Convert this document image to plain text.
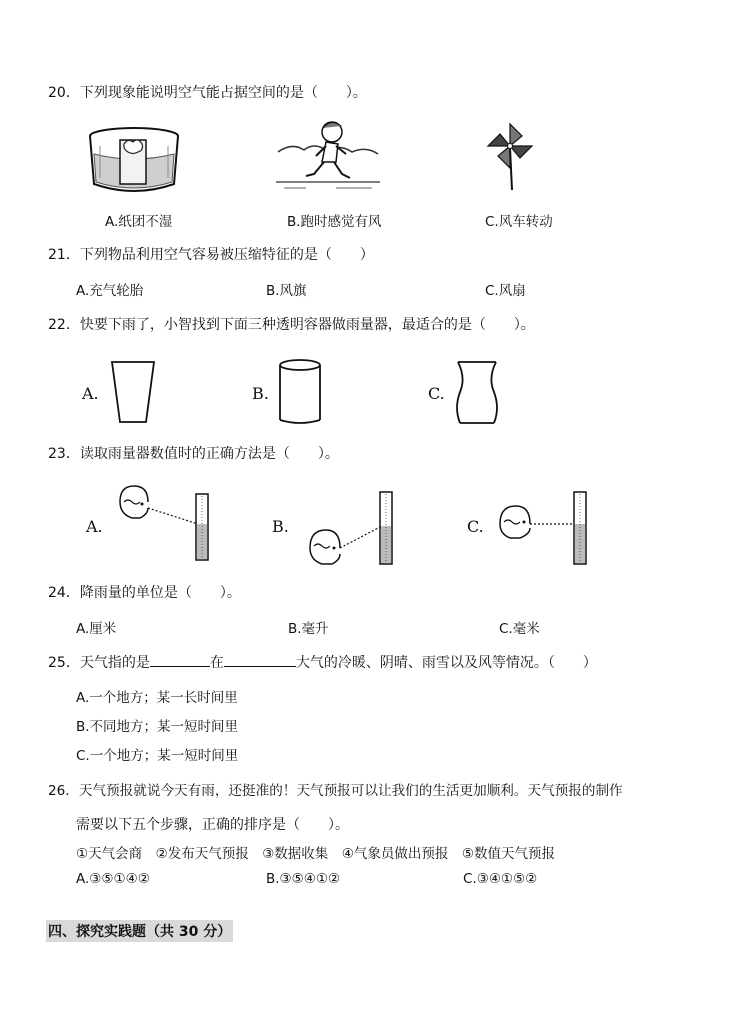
20．下列现象能说明空气能占据空间的是（　　）。
A.纸团不湿	B.跑时感觉有风	C.风车转动
21．下列物品利用空气容易被压缩特征的是（　　）
A.充气轮胎	B.风旗	C.风扇
22．快要下雨了，小智找到下面三种透明容器做雨量器，最适合的是（　　）。
A.	B.	C.
23．读取雨量器数值时的正确方法是（　　）。
A.	B.	C.
24．降雨量的单位是（　　）。
A.厘米	B.毫升	C.毫米
25．天气指的是	在	大气的冷暖、阴晴、雨雪以及风等情况。（　　）
A.一个地方；某一长时间里
B.不同地方；某一短时间里
C.一个地方；某一短时间里
26．天气预报就说今天有雨，还挺准的！天气预报可以让我们的生活更加顺利。天气预报的制作
需要以下五个步骤，正确的排序是（　　）。
①天气会商　②发布天气预报　③数据收集　④气象员做出预报　⑤数值天气预报
A.③⑤①④②	B.③⑤④①②	C.③④①⑤②
四、探究实践题（共 30 分）
